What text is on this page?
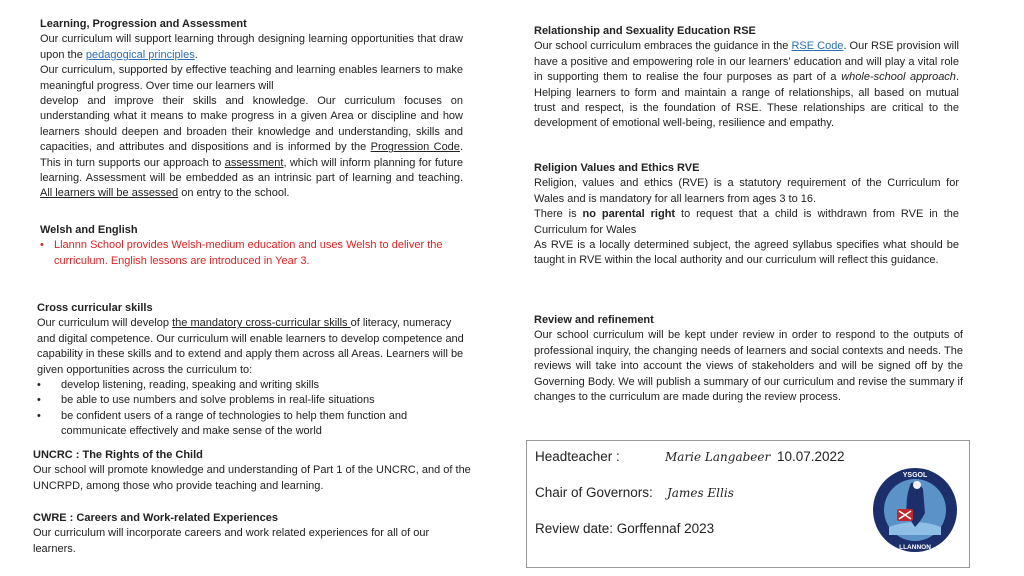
Learning, Progression and Assessment

Our curriculum will support learning through designing learning opportunities that draw upon the pedagogical principles.

Our curriculum, supported by effective teaching and learning enables learners to make meaningful progress. Over time our learners will

develop and improve their skills and knowledge. Our curriculum focuses on understanding what it means to make progress in a given Area or discipline and how learners should deepen and broaden their knowledge and understanding, skills and capacities, and attributes and dispositions and is informed by the Progression Code. This in turn supports our approach to assessment, which will inform planning for future learning. Assessment will be embedded as an intrinsic part of learning and teaching. All learners will be assessed on entry to the school.

Welsh and English
• Llannn School provides Welsh-medium education and uses Welsh to deliver the curriculum. English lessons are introduced in Year 3.
Cross curricular skills

Our curriculum will develop the mandatory cross-curricular skills of literacy, numeracy and digital competence. Our curriculum will enable learners to develop competence and capability in these skills and to extend and apply them across all Areas. Learners will be given opportunities across the curriculum to:

• develop listening, reading, speaking and writing skills
• be able to use numbers and solve problems in real-life situations
• be confident users of a range of technologies to help them function and communicate effectively and make sense of the world
UNCRC : The Rights of the Child

Our school will promote knowledge and understanding of Part 1 of the UNCRC, and of the UNCRPD, among those who provide teaching and learning.

CWRE : Careers and Work-related Experiences

Our curriculum will incorporate careers and work related experiences for all of our learners.

Relationship and Sexuality Education RSE

Our school curriculum embraces the guidance in the RSE Code. Our RSE provision will have a positive and empowering role in our learners’ education and will play a vital role in supporting them to realise the four purposes as part of a whole-school approach. Helping learners to form and maintain a range of relationships, all based on mutual trust and respect, is the foundation of RSE. These relationships are critical to the development of emotional well-being, resilience and empathy.

Religion Values and Ethics RVE

Religion, values and ethics (RVE) is a statutory requirement of the Curriculum for Wales and is mandatory for all learners from ages 3 to 16.

There is no parental right to request that a child is withdrawn from RVE in the Curriculum for Wales

As RVE is a locally determined subject, the agreed syllabus specifies what should be taught in RVE within the local authority and our curriculum will reflect this guidance.

Review and refinement

Our school curriculum will be kept under review in order to respond to the outputs of professional inquiry, the changing needs of learners and social contexts and needs. The reviews will take into account the views of stakeholders and will be signed off by the Governing Body. We will publish a summary of our curriculum and revise the summary if changes to the curriculum are made during the review process.

Headteacher :	Marie Langabeer 10.07.2022
Chair of Governors: James Ellis
Review date: Gorffennaf 2023
YSGOL
LLANNON
